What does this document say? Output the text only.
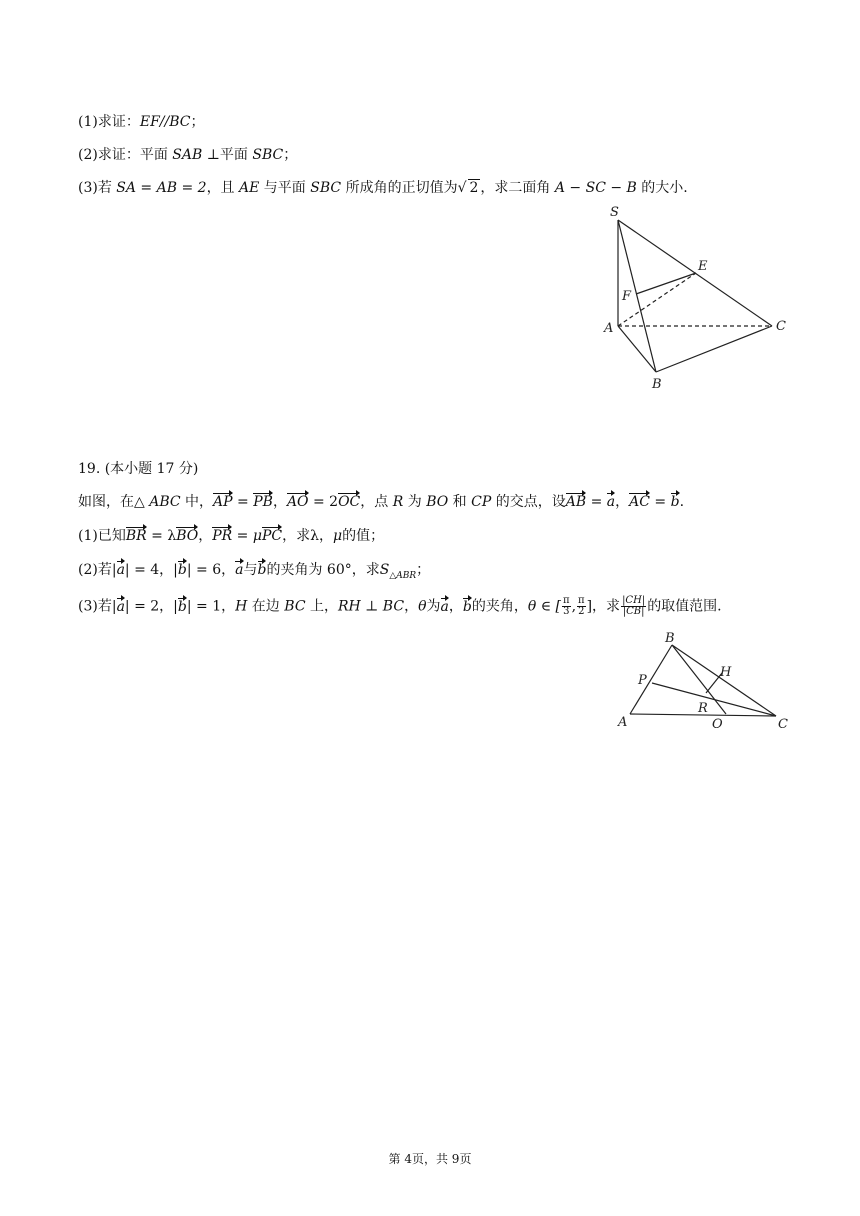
(1)求证：EF//BC；
(2)求证：平面 SAB ⊥平面 SBC；
(3)若 SA = AB = 2，且 AE 与平面 SBC 所成角的正切值为√ 2 ，求二面角 A − SC − B 的大小.
S
E
F
A	C
B
19. (本小题 17 分)
如图，在△ ABC 中，AP = PB，AO = 2OC，点 R 为 BO 和 CP 的交点，设AB = a，AC = b.
(1)已知BR = λBO，PR = μPC，求λ，μ的值；
(2)若|a| = 4，|b| = 6，a与b的夹角为 60°，求$S_{\triangle ABR}$；
(3)若|a| = 2，|b| = 1，H 在边 BC 上，RH ⊥ BC，θ为a，b的夹角，θ ∈ [ $\frac{\pi}{3}$ , $\frac{\pi}{2}$ ]，求 $\frac{|CH|}{|CB|}$ 的取值范围.
B
H
P
R
A	O	C
第 4页，共 9页
